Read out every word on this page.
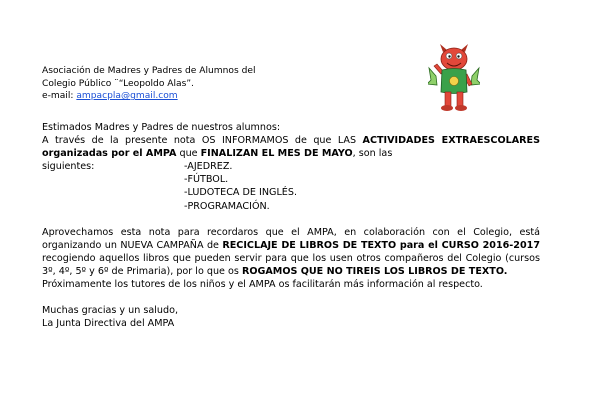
Asociación de Madres y Padres de Alumnos del
Colegio Público ¨“Leopoldo Alas”.
e-mail: ampacpla@gmail.com

Estimados Madres y Padres de nuestros alumnos:

A través de la presente nota OS INFORMAMOS de que LAS ACTIVIDADES EXTRAESCOLARES organizadas por el AMPA que FINALIZAN EL MES DE MAYO, son las

siguientes:	-AJEDREZ.
-FÚTBOL.
-LUDOTECA DE INGLÉS.
-PROGRAMACIÓN.

Aprovechamos esta nota para recordaros que el AMPA, en colaboración con el Colegio, está organizando un NUEVA CAMPAÑA de RECICLAJE DE LIBROS DE TEXTO para el CURSO 2016-2017 recogiendo aquellos libros que pueden servir para que los usen otros compañeros del Colegio (cursos 3º, 4º, 5º y 6º de Primaria), por lo que os ROGAMOS QUE NO TIREIS LOS LIBROS DE TEXTO.

Próximamente los tutores de los niños y el AMPA os facilitarán más información al respecto.

Muchas gracias y un saludo,

La Junta Directiva del AMPA
